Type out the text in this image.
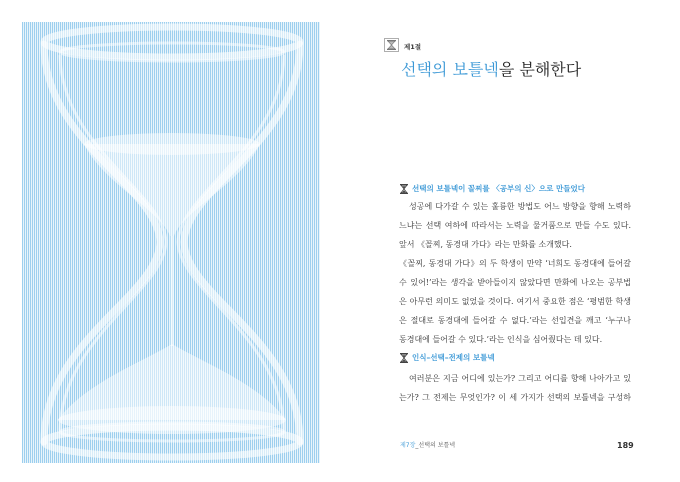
제1절
선택의 보틀넥을 분해한다
선택의 보틀넥이 꼴찌를 〈공부의 신〉으로 만들었다
성공에 다가갈 수 있는 훌륭한 방법도 어느 방향을 향해 노력하
느냐는 선택 여하에 따라서는 노력을 물거품으로 만들 수도 있다.
앞서 《꼴찌, 동경대 가다》라는 만화를 소개했다.
《꼴찌, 동경대 가다》의 두 학생이 만약 ‘너희도 동경대에 들어갈
수 있어!’라는 생각을 받아들이지 않았다면 만화에 나오는 공부법
은 아무런 의미도 없었을 것이다. 여기서 중요한 점은 ‘평범한 학생
은 절대로 동경대에 들어갈 수 없다.’라는 선입견을 깨고 ‘누구나
동경대에 들어갈 수 있다.’라는 인식을 심어줬다는 데 있다.
인식–선택–전제의 보틀넥
여러분은 지금 어디에 있는가? 그리고 어디를 향해 나아가고 있
는가? 그 전제는 무엇인가? 이 세 가지가 선택의 보틀넥을 구성하
제7장_선택의 보틀넥	189
